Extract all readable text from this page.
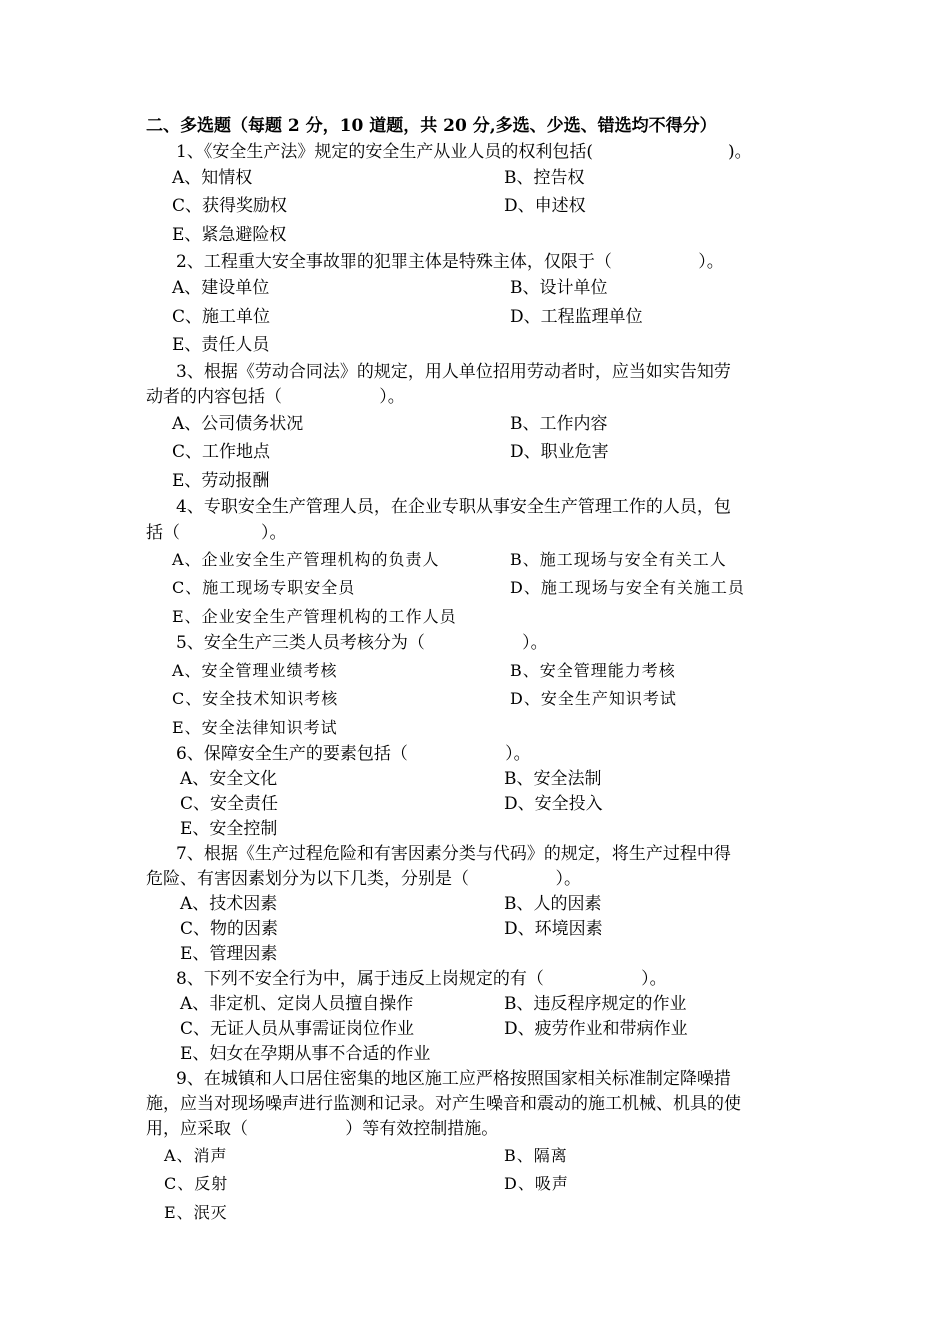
二、多选题（每题 2 分，10 道题，共 20 分,多选、少选、错选均不得分）
1、《安全生产法》规定的安全生产从业人员的权利包括(                         )。
A、知情权	B、控告权
C、获得奖励权	D、申述权
E、紧急避险权
2、工程重大安全事故罪的犯罪主体是特殊主体，仅限于（                ）。
A、建设单位	B、设计单位
C、施工单位	D、工程监理单位
E、责任人员
3、根据《劳动合同法》的规定，用人单位招用劳动者时，应当如实告知劳
动者的内容包括（                  ）。
A、公司债务状况	B、工作内容
C、工作地点	D、职业危害
E、劳动报酬
4、专职安全生产管理人员，在企业专职从事安全生产管理工作的人员，包
括（               ）。
A、企业安全生产管理机构的负责人	B、施工现场与安全有关工人
C、施工现场专职安全员	D、施工现场与安全有关施工员
E、企业安全生产管理机构的工作人员
5、安全生产三类人员考核分为（                  ）。
A、安全管理业绩考核	B、安全管理能力考核
C、安全技术知识考核	D、安全生产知识考试
E、安全法律知识考试
6、保障安全生产的要素包括（                  ）。
A、安全文化	B、安全法制
C、安全责任	D、安全投入
E、安全控制
7、根据《生产过程危险和有害因素分类与代码》的规定，将生产过程中得
危险、有害因素划分为以下几类，分别是（                ）。
A、技术因素	B、人的因素
C、物的因素	D、环境因素
E、管理因素
8、下列不安全行为中，属于违反上岗规定的有（                  ）。
A、非定机、定岗人员擅自操作	B、违反程序规定的作业
C、无证人员从事需证岗位作业	D、疲劳作业和带病作业
E、妇女在孕期从事不合适的作业
9、在城镇和人口居住密集的地区施工应严格按照国家相关标准制定降噪措
施，应当对现场噪声进行监测和记录。对产生噪音和震动的施工机械、机具的使
用，应采取（                  ）等有效控制措施。
A、消声	B、隔离
C、反射	D、吸声
E、泯灭
